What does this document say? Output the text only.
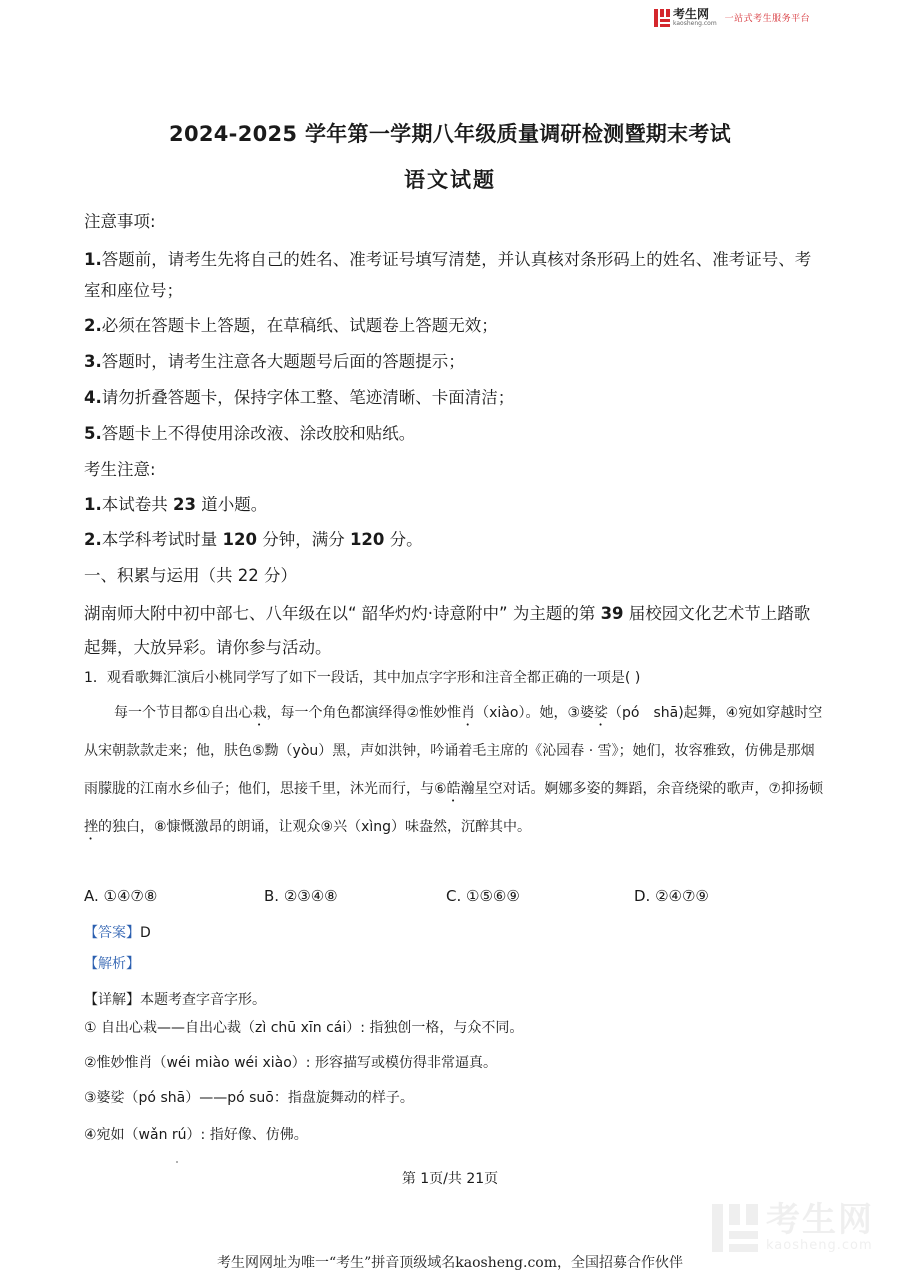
考生网
kaosheng.com 一站式考生服务平台
2024-2025 学年第一学期八年级质量调研检测暨期末考试
语文试题
注意事项:
1.答题前，请考生先将自己的姓名、准考证号填写清楚，并认真核对条形码上的姓名、准考证号、考室和座位号；
2.必须在答题卡上答题，在草稿纸、试题卷上答题无效；
3.答题时，请考生注意各大题题号后面的答题提示；
4.请勿折叠答题卡，保持字体工整、笔迹清晰、卡面清洁；
5.答题卡上不得使用涂改液、涂改胶和贴纸。
考生注意:
1.本试卷共 23 道小题。
2.本学科考试时量 120 分钟，满分 120 分。
一、积累与运用（共 22 分）
湖南师大附中初中部七、八年级在以“ 韶华灼灼·诗意附中” 为主题的第 39 届校园文化艺术节上踏歌起舞，大放异彩。请你参与活动。
1．观看歌舞汇演后小桃同学写了如下一段话，其中加点字字形和注音全都正确的一项是( )
每一个节目都①自出心栽，每一个角色都演绎得②惟妙惟肖（xiào）。她，③婆娑（pó　shā)起舞，④宛如穿越时空从宋朝款款走来；他，肤色⑤黝（yòu）黑，声如洪钟，吟诵着毛主席的《沁园春 · 雪》；她们，妆容雅致，仿佛是那烟雨朦胧的江南水乡仙子；他们，思接千里，沐光而行，与⑥皓瀚星空对话。婀娜多姿的舞蹈，余音绕梁的歌声，⑦抑扬顿挫的独白，⑧慷慨激昂的朗诵，让观众⑨兴（xìng）味盎然，沉醉其中。
A. ①④⑦⑧	B. ②③④⑧	C. ①⑤⑥⑨	D. ②④⑦⑨
【答案】D
【解析】
【详解】本题考查字音字形。
① 自出心栽——自出心裁（zì chū xīn cái）: 指独创一格，与众不同。
②惟妙惟肖（wéi miào wéi xiào）: 形容描写或模仿得非常逼真。
③婆娑（pó shā）——pó suō：指盘旋舞动的样子。
④宛如（wǎn rú）: 指好像、仿佛。
第 1页/共 21页
考生网
kaosheng.com
考生网网址为唯一“考生”拼音顶级域名kaosheng.com，全国招募合作伙伴
